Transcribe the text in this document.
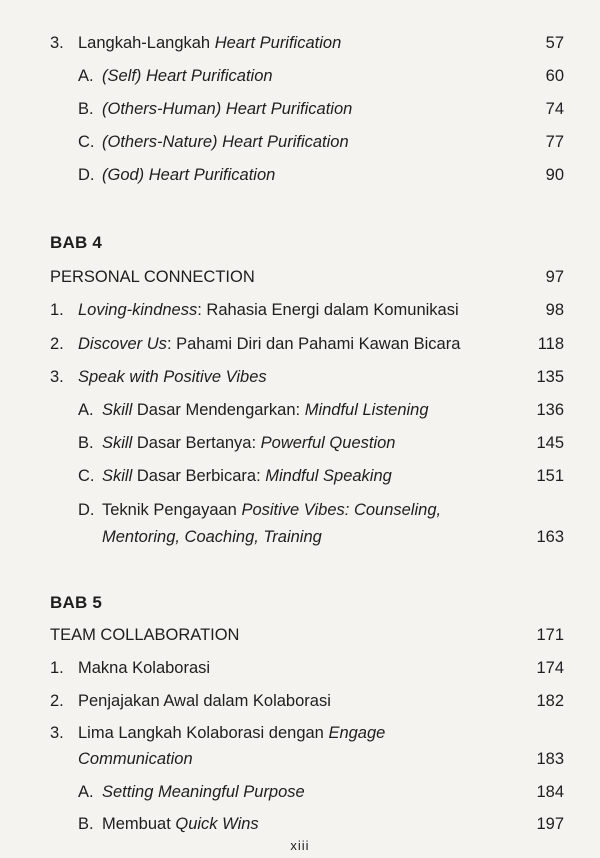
3. Langkah-Langkah Heart Purification	57
A. (Self) Heart Purification	60
B. (Others-Human) Heart Purification	74
C. (Others-Nature) Heart Purification	77
D. (God) Heart Purification	90
BAB 4
PERSONAL CONNECTION	97
1. Loving-kindness: Rahasia Energi dalam Komunikasi	98
2. Discover Us: Pahami Diri dan Pahami Kawan Bicara	118
3. Speak with Positive Vibes	135
A. Skill Dasar Mendengarkan: Mindful Listening	136
B. Skill Dasar Bertanya: Powerful Question	145
C. Skill Dasar Berbicara: Mindful Speaking	151
D. Teknik Pengayaan Positive Vibes: Counseling,
Mentoring, Coaching, Training	163
BAB 5
TEAM COLLABORATION	171
1. Makna Kolaborasi	174
2. Penjajakan Awal dalam Kolaborasi	182
3. Lima Langkah Kolaborasi dengan Engage
Communication	183
A. Setting Meaningful Purpose	184
B. Membuat Quick Wins	197
xiii
